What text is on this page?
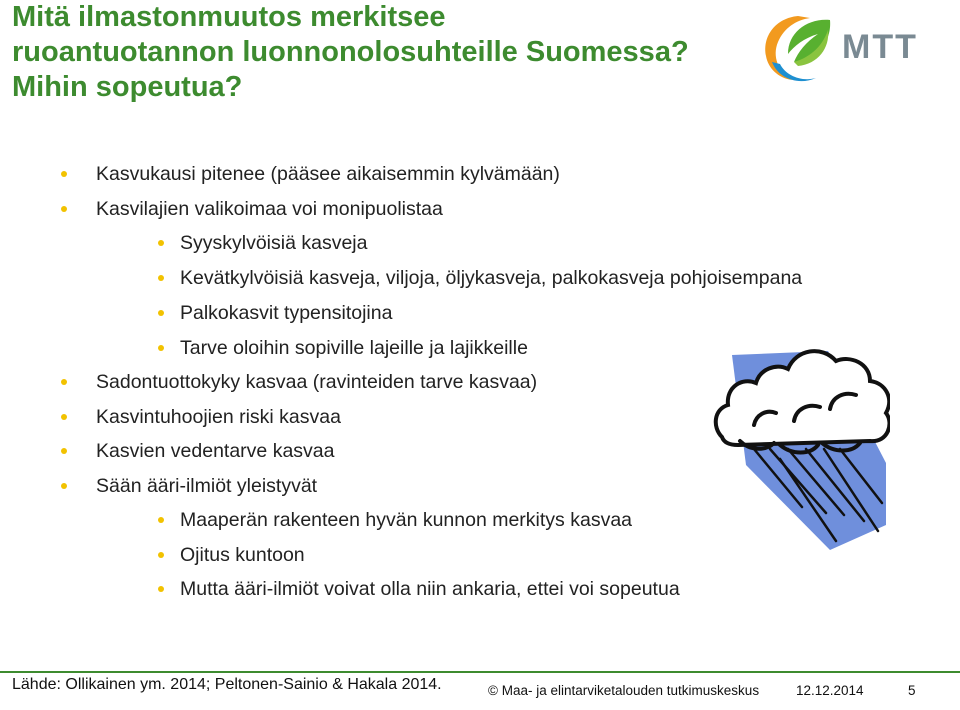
Mitä ilmastonmuutos merkitsee
ruoantuotannon luonnonolosuhteille Suomessa?
Mihin sopeutua?
MTT
Kasvukausi pitenee (pääsee aikaisemmin kylvämään)
Kasvilajien valikoimaa voi monipuolistaa
Syyskylvöisiä kasveja
Kevätkylvöisiä kasveja, viljoja, öljykasveja, palkokasveja pohjoisempana
Palkokasvit typensitojina
Tarve oloihin sopiville lajeille ja lajikkeille
Sadontuottokyky kasvaa (ravinteiden tarve kasvaa)
Kasvintuhoojien riski kasvaa
Kasvien vedentarve kasvaa
Sään ääri-ilmiöt yleistyvät
Maaperän rakenteen hyvän kunnon merkitys kasvaa
Ojitus kuntoon
Mutta ääri-ilmiöt voivat olla niin ankaria, ettei voi sopeutua
Lähde: Ollikainen ym. 2014; Peltonen-Sainio & Hakala 2014.	© Maa- ja elintarviketalouden tutkimuskeskus	12.12.2014	5
